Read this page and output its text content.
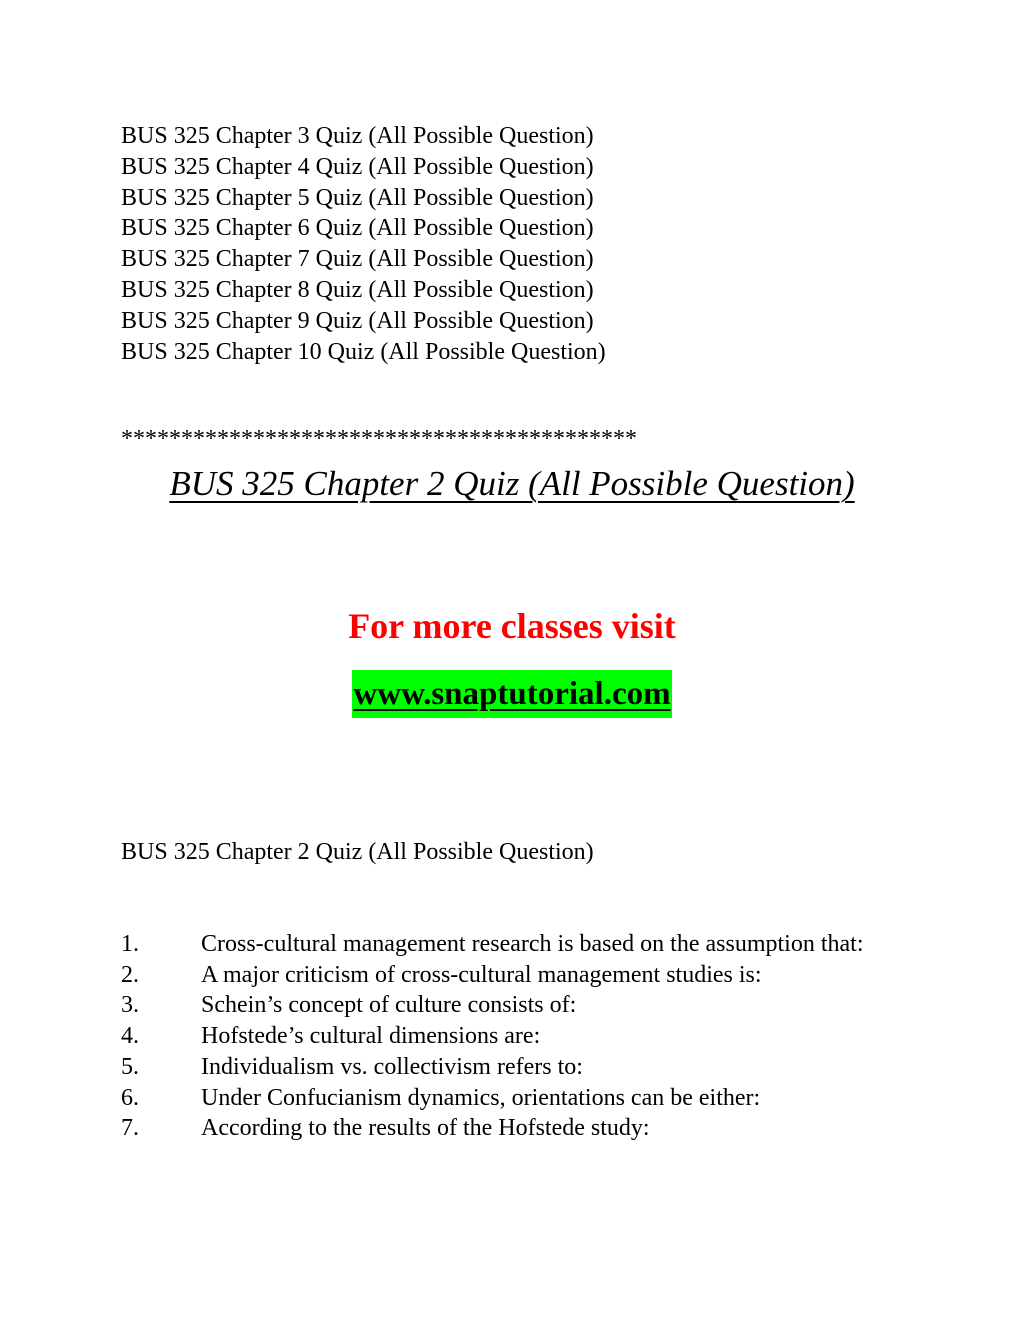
BUS 325 Chapter 3 Quiz (All Possible Question)
BUS 325 Chapter 4 Quiz (All Possible Question)
BUS 325 Chapter 5 Quiz (All Possible Question)
BUS 325 Chapter 6 Quiz (All Possible Question)
BUS 325 Chapter 7 Quiz (All Possible Question)
BUS 325 Chapter 8 Quiz (All Possible Question)
BUS 325 Chapter 9 Quiz (All Possible Question)
BUS 325 Chapter 10 Quiz (All Possible Question)
*******************************************
BUS 325 Chapter 2 Quiz (All Possible Question)
For more classes visit
www.snaptutorial.com
BUS 325 Chapter 2 Quiz (All Possible Question)
1.	Cross-cultural management research is based on the assumption that:
2.	A major criticism of cross-cultural management studies is:
3.	Schein’s concept of culture consists of:
4.	Hofstede’s cultural dimensions are:
5.	Individualism vs. collectivism refers to:
6.	Under Confucianism dynamics, orientations can be either:
7.	According to the results of the Hofstede study:
